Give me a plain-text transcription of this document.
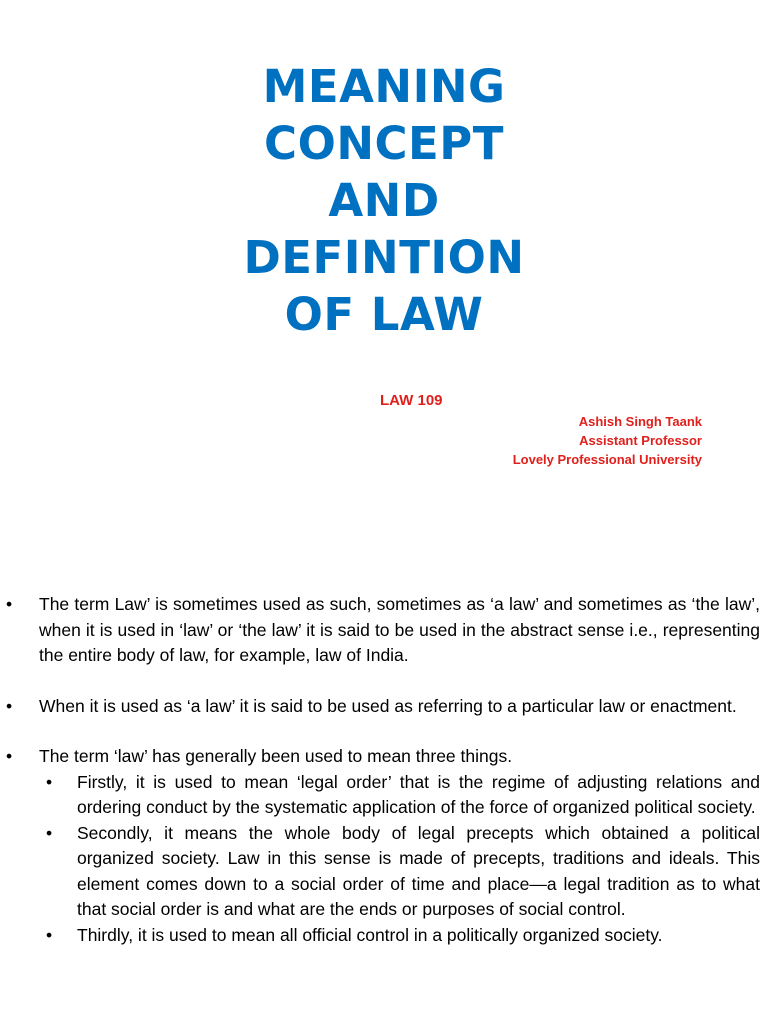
MEANING
CONCEPT
AND
DEFINTION
OF LAW
LAW 109
Ashish Singh Taank
Assistant Professor
Lovely Professional University
• The term Law’ is sometimes used as such, sometimes as ‘a law’ and sometimes as ‘the law’, when it is used in ‘law’ or ‘the law’ it is said to be used in the abstract sense i.e., representing the entire body of law, for example, law of India.
• When it is used as ‘a law’ it is said to be used as referring to a particular law or enactment.
• The term ‘law’ has generally been used to mean three things.
• Firstly, it is used to mean ‘legal order’ that is the regime of adjusting relations and ordering conduct by the systematic application of the force of organized political society.
• Secondly, it means the whole body of legal precepts which obtained a political organized society. Law in this sense is made of precepts, traditions and ideals. This element comes down to a social order of time and place—a legal tradition as to what that social order is and what are the ends or purposes of social control.
• Thirdly, it is used to mean all official control in a politically organized society.
